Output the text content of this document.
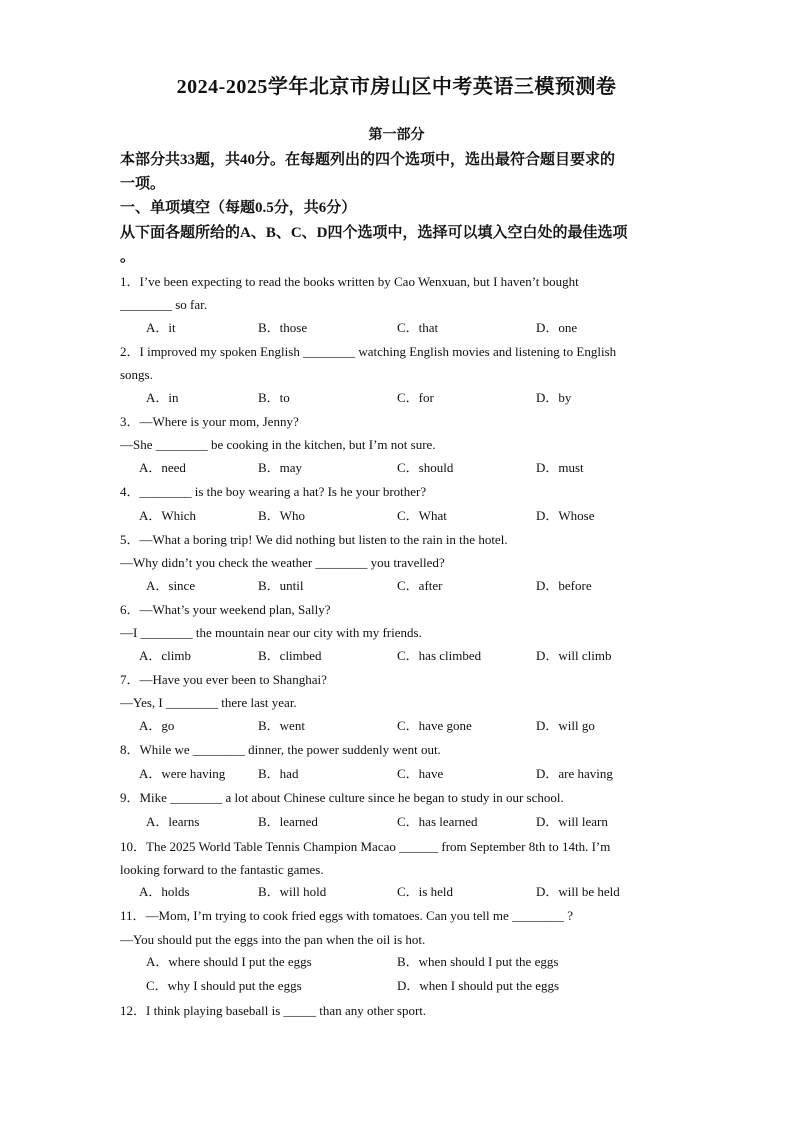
2024-2025学年北京市房山区中考英语三模预测卷
第一部分
本部分共33题，共40分。在每题列出的四个选项中，选出最符合题目要求的
一项。
一、单项填空（每题0.5分，共6分）
从下面各题所给的A、B、C、D四个选项中，选择可以填入空白处的最佳选项
。
1．I’ve been expecting to read the books written by Cao Wenxuan, but I haven’t bought
________ so far.
A．it	B．those	C．that	D．one
2．I improved my spoken English ________ watching English movies and listening to English
songs.
A．in	B．to	C．for	D．by
3．—Where is your mom, Jenny?
—She ________ be cooking in the kitchen, but I’m not sure.
A．need	B．may	C．should	D．must
4．________ is the boy wearing a hat? Is he your brother?
A．Which	B．Who	C．What	D．Whose
5．—What a boring trip! We did nothing but listen to the rain in the hotel.
—Why didn’t you check the weather ________ you travelled?
A．since	B．until	C．after	D．before
6．—What’s your weekend plan, Sally?
—I ________ the mountain near our city with my friends.
A．climb	B．climbed	C．has climbed	D．will climb
7．—Have you ever been to Shanghai?
—Yes, I ________ there last year.
A．go	B．went	C．have gone	D．will go
8．While we ________ dinner, the power suddenly went out.
A．were having	B．had	C．have	D．are having
9．Mike ________ a lot about Chinese culture since he began to study in our school.
A．learns	B．learned	C．has learned	D．will learn
10．The 2025 World Table Tennis Champion Macao ______ from September 8th to 14th. I’m
looking forward to the fantastic games.
A．holds	B．will hold	C．is held	D．will be held
11．—Mom, I’m trying to cook fried eggs with tomatoes. Can you tell me ________ ?
—You should put the eggs into the pan when the oil is hot.
A．where should I put the eggs	B．when should I put the eggs
C．why I should put the eggs	D．when I should put the eggs
12．I think playing baseball is _____ than any other sport.
